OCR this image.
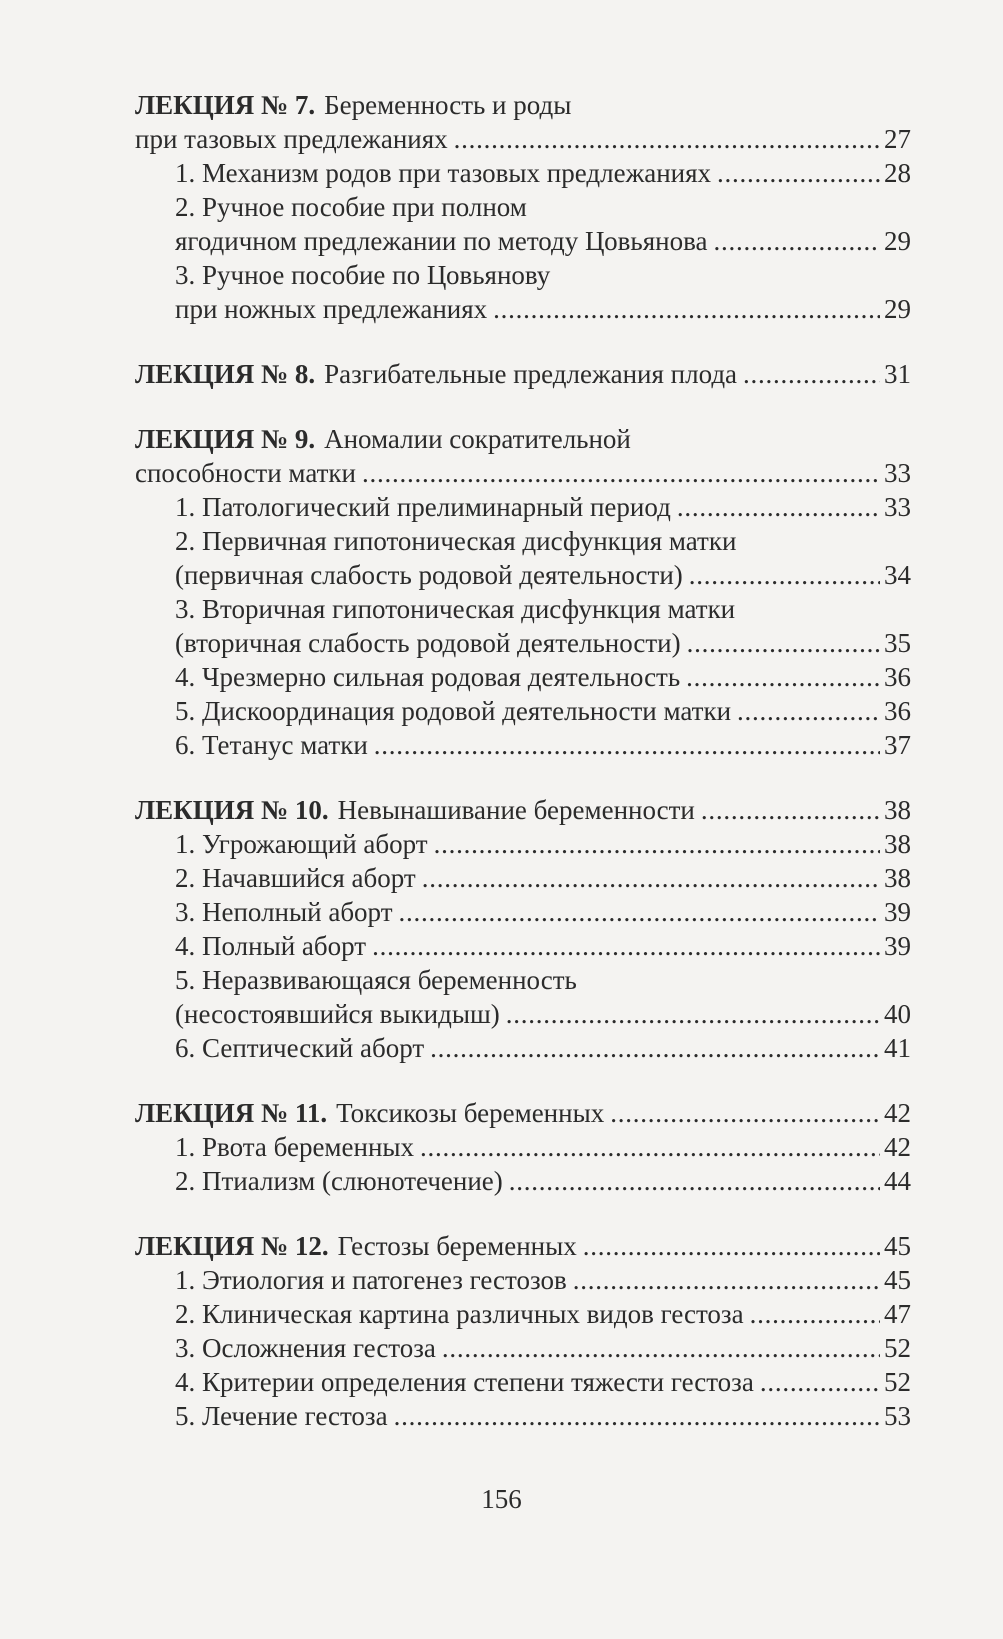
ЛЕКЦИЯ № 7. Беременность и роды
при тазовых предлежаниях . . .	27
1. Механизм родов при тазовых предлежаниях . . .	28
2. Ручное пособие при полном
ягодичном предлежании по методу Цовьянова . . .	29
3. Ручное пособие по Цовьянову
при ножных предлежаниях . . .	29
ЛЕКЦИЯ № 8. Разгибательные предлежания плода . . .	31
ЛЕКЦИЯ № 9. Аномалии сократительной
способности матки . . .	33
1. Патологический прелиминарный период . . .	33
2. Первичная гипотоническая дисфункция матки
(первичная слабость родовой деятельности) . . .	34
3. Вторичная гипотоническая дисфункция матки
(вторичная слабость родовой деятельности) . . .	35
4. Чрезмерно сильная родовая деятельность . . .	36
5. Дискоординация родовой деятельности матки . . .	36
6. Тетанус матки . . .	37
ЛЕКЦИЯ № 10. Невынашивание беременности . . .	38
1. Угрожающий аборт . . .	38
2. Начавшийся аборт . . .	38
3. Неполный аборт . . .	39
4. Полный аборт . . .	39
5. Неразвивающаяся беременность
(несостоявшийся выкидыш) . . .	40
6. Септический аборт . . .	41
ЛЕКЦИЯ № 11. Токсикозы беременных . . .	42
1. Рвота беременных . . .	42
2. Птиализм (слюнотечение) . . .	44
ЛЕКЦИЯ № 12. Гестозы беременных . . .	45
1. Этиология и патогенез гестозов . . .	45
2. Клиническая картина различных видов гестоза . . .	47
3. Осложнения гестоза . . .	52
4. Критерии определения степени тяжести гестоза . . .	52
5. Лечение гестоза . . .	53
156
